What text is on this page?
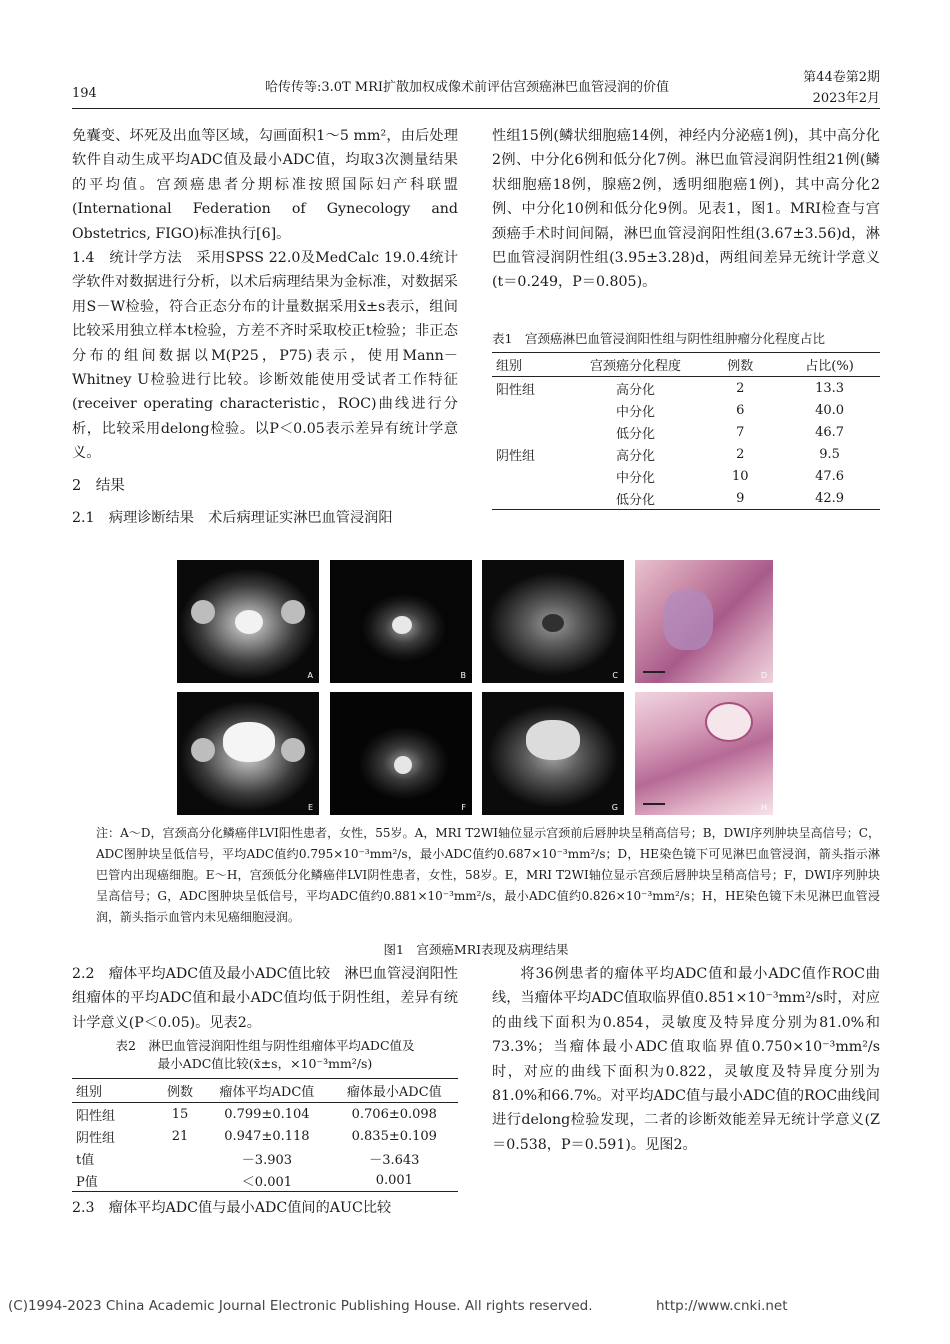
194	哈传传等:3.0T MRI扩散加权成像术前评估宫颈癌淋巴血管浸润的价值
第44卷第2期
2023年2月

免囊变、坏死及出血等区域，勾画面积1～5 mm²，由后处理软件自动生成平均ADC值及最小ADC值，均取3次测量结果的平均值。宫颈癌患者分期标准按照国际妇产科联盟(International Federation of Gynecology and Obstetrics, FIGO)标准执行[6]。

1.4　统计学方法　采用SPSS 22.0及MedCalc 19.0.4统计学软件对数据进行分析，以术后病理结果为金标准，对数据采用S－W检验，符合正态分布的计量数据采用x̄±s表示，组间比较采用独立样本t检验，方差不齐时采取校正t检验；非正态分布的组间数据以M(P25，P75)表示，使用Mann－Whitney U检验进行比较。诊断效能使用受试者工作特征(receiver operating characteristic，ROC)曲线进行分析，比较采用delong检验。以P＜0.05表示差异有统计学意义。

2　结果

2.1　病理诊断结果　术后病理证实淋巴血管浸润阳

性组15例(鳞状细胞癌14例，神经内分泌癌1例)，其中高分化2例、中分化6例和低分化7例。淋巴血管浸润阴性组21例(鳞状细胞癌18例，腺癌2例，透明细胞癌1例)，其中高分化2例、中分化10例和低分化9例。见表1，图1。MRI检查与宫颈癌手术时间间隔，淋巴血管浸润阳性组(3.67±3.56)d，淋巴血管浸润阴性组(3.95±3.28)d，两组间差异无统计学意义(t＝0.249，P＝0.805)。

表1　宫颈癌淋巴血管浸润阳性组与阴性组肿瘤分化程度占比
组别	宫颈癌分化程度	例数	占比(%)
阳性组	高分化	2	13.3
	中分化	6	40.0
	低分化	7	46.7
阴性组	高分化	2	9.5
	中分化	10	47.6
	低分化	9	42.9
A	B	C	D
E	F	G	H
注：A～D，宫颈高分化鳞癌伴LVI阳性患者，女性，55岁。A，MRI T2WI轴位显示宫颈前后唇肿块呈稍高信号；B，DWI序列肿块呈高信号；C，ADC图肿块呈低信号，平均ADC值约0.795×10⁻³mm²/s，最小ADC值约0.687×10⁻³mm²/s；D，HE染色镜下可见淋巴血管浸润，箭头指示淋巴管内出现癌细胞。E～H，宫颈低分化鳞癌伴LVI阴性患者，女性，58岁。E，MRI T2WI轴位显示宫颈后唇肿块呈稍高信号；F，DWI序列肿块呈高信号；G，ADC图肿块呈低信号，平均ADC值约0.881×10⁻³mm²/s，最小ADC值约0.826×10⁻³mm²/s；H，HE染色镜下未见淋巴血管浸润，箭头指示血管内未见癌细胞浸润。
图1　宫颈癌MRI表现及病理结果

2.2　瘤体平均ADC值及最小ADC值比较　淋巴血管浸润阳性组瘤体的平均ADC值和最小ADC值均低于阴性组，差异有统计学意义(P＜0.05)。见表2。

表2　淋巴血管浸润阳性组与阴性组瘤体平均ADC值及
最小ADC值比较(x̄±s，×10⁻³mm²/s)
组别	例数	瘤体平均ADC值	瘤体最小ADC值
阳性组	15	0.799±0.104	0.706±0.098
阴性组	21	0.947±0.118	0.835±0.109
t值		－3.903	－3.643
P值		＜0.001	0.001
2.3　瘤体平均ADC值与最小ADC值间的AUC比较
将36例患者的瘤体平均ADC值和最小ADC值作ROC曲线，当瘤体平均ADC值取临界值0.851×10⁻³mm²/s时，对应的曲线下面积为0.854，灵敏度及特异度分别为81.0%和73.3%；当瘤体最小ADC值取临界值0.750×10⁻³mm²/s时，对应的曲线下面积为0.822，灵敏度及特异度分别为81.0%和66.7%。对平均ADC值与最小ADC值的ROC曲线间进行delong检验发现，二者的诊断效能差异无统计学意义(Z＝0.538，P＝0.591)。见图2。
(C)1994-2023 China Academic Journal Electronic Publishing House. All rights reserved.	http://www.cnki.net
